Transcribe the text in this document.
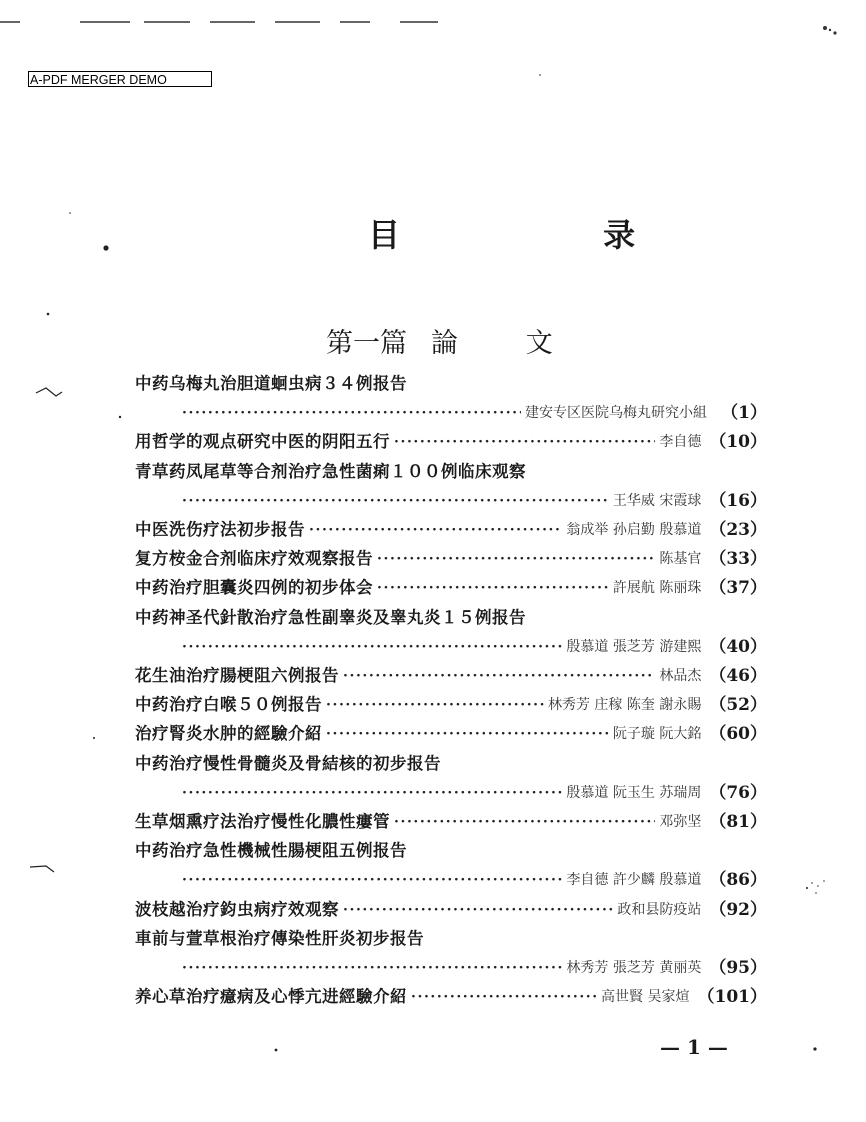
A-PDF MERGER DEMO
目 录
第一篇 論   文
中药乌梅丸治胆道蛔虫病３４例报告
·····
建安专区医院乌梅丸研究小組 （1）
用哲学的观点研究中医的阴阳五行 ·····	李自德 （10）
青草药凤尾草等合剂治疗急性菌痢１００例临床观察
·····
王华威 宋霞球 （16）
中医洗伤疗法初步报告 ·····	翁成举 孙启勤 殷慕道 （23）
复方桉金合剂临床疗效观察报告 ·····	陈基官 （33）
中药治疗胆囊炎四例的初步体会 ·····	許展航 陈丽珠 （37）
中药神圣代針散治疗急性副睾炎及睾丸炎１５例报告
·····
殷慕道 張芝芳 游建熙 （40）
花生油治疗腸梗阻六例报告 ·····	林品杰 （46）
中药治疗白喉５０例报告 ·····	林秀芳 庄稼 陈奎 謝永賜 （52）
治疗腎炎水肿的經驗介紹 ·····	阮子璇 阮大銘 （60）
中药治疗慢性骨髓炎及骨結核的初步报告
·····
殷慕道 阮玉生 苏瑞周 （76）
生草烟熏疗法治疗慢性化膿性瘻管 ·····	邓弥坚 （81）
中药治疗急性機械性腸梗阻五例报告
·····
李自德 許少麟 殷慕道 （86）
波枝越治疗鈞虫病疗效观察 ·····	政和县防疫站 （92）
車前与萱草根治疗傳染性肝炎初步报告
·····
林秀芳 張芝芳 黄丽英 （95）
养心草治疗癔病及心悸亢进經驗介紹 ·····	高世賢 吴家煊 （101）
— 1 —
